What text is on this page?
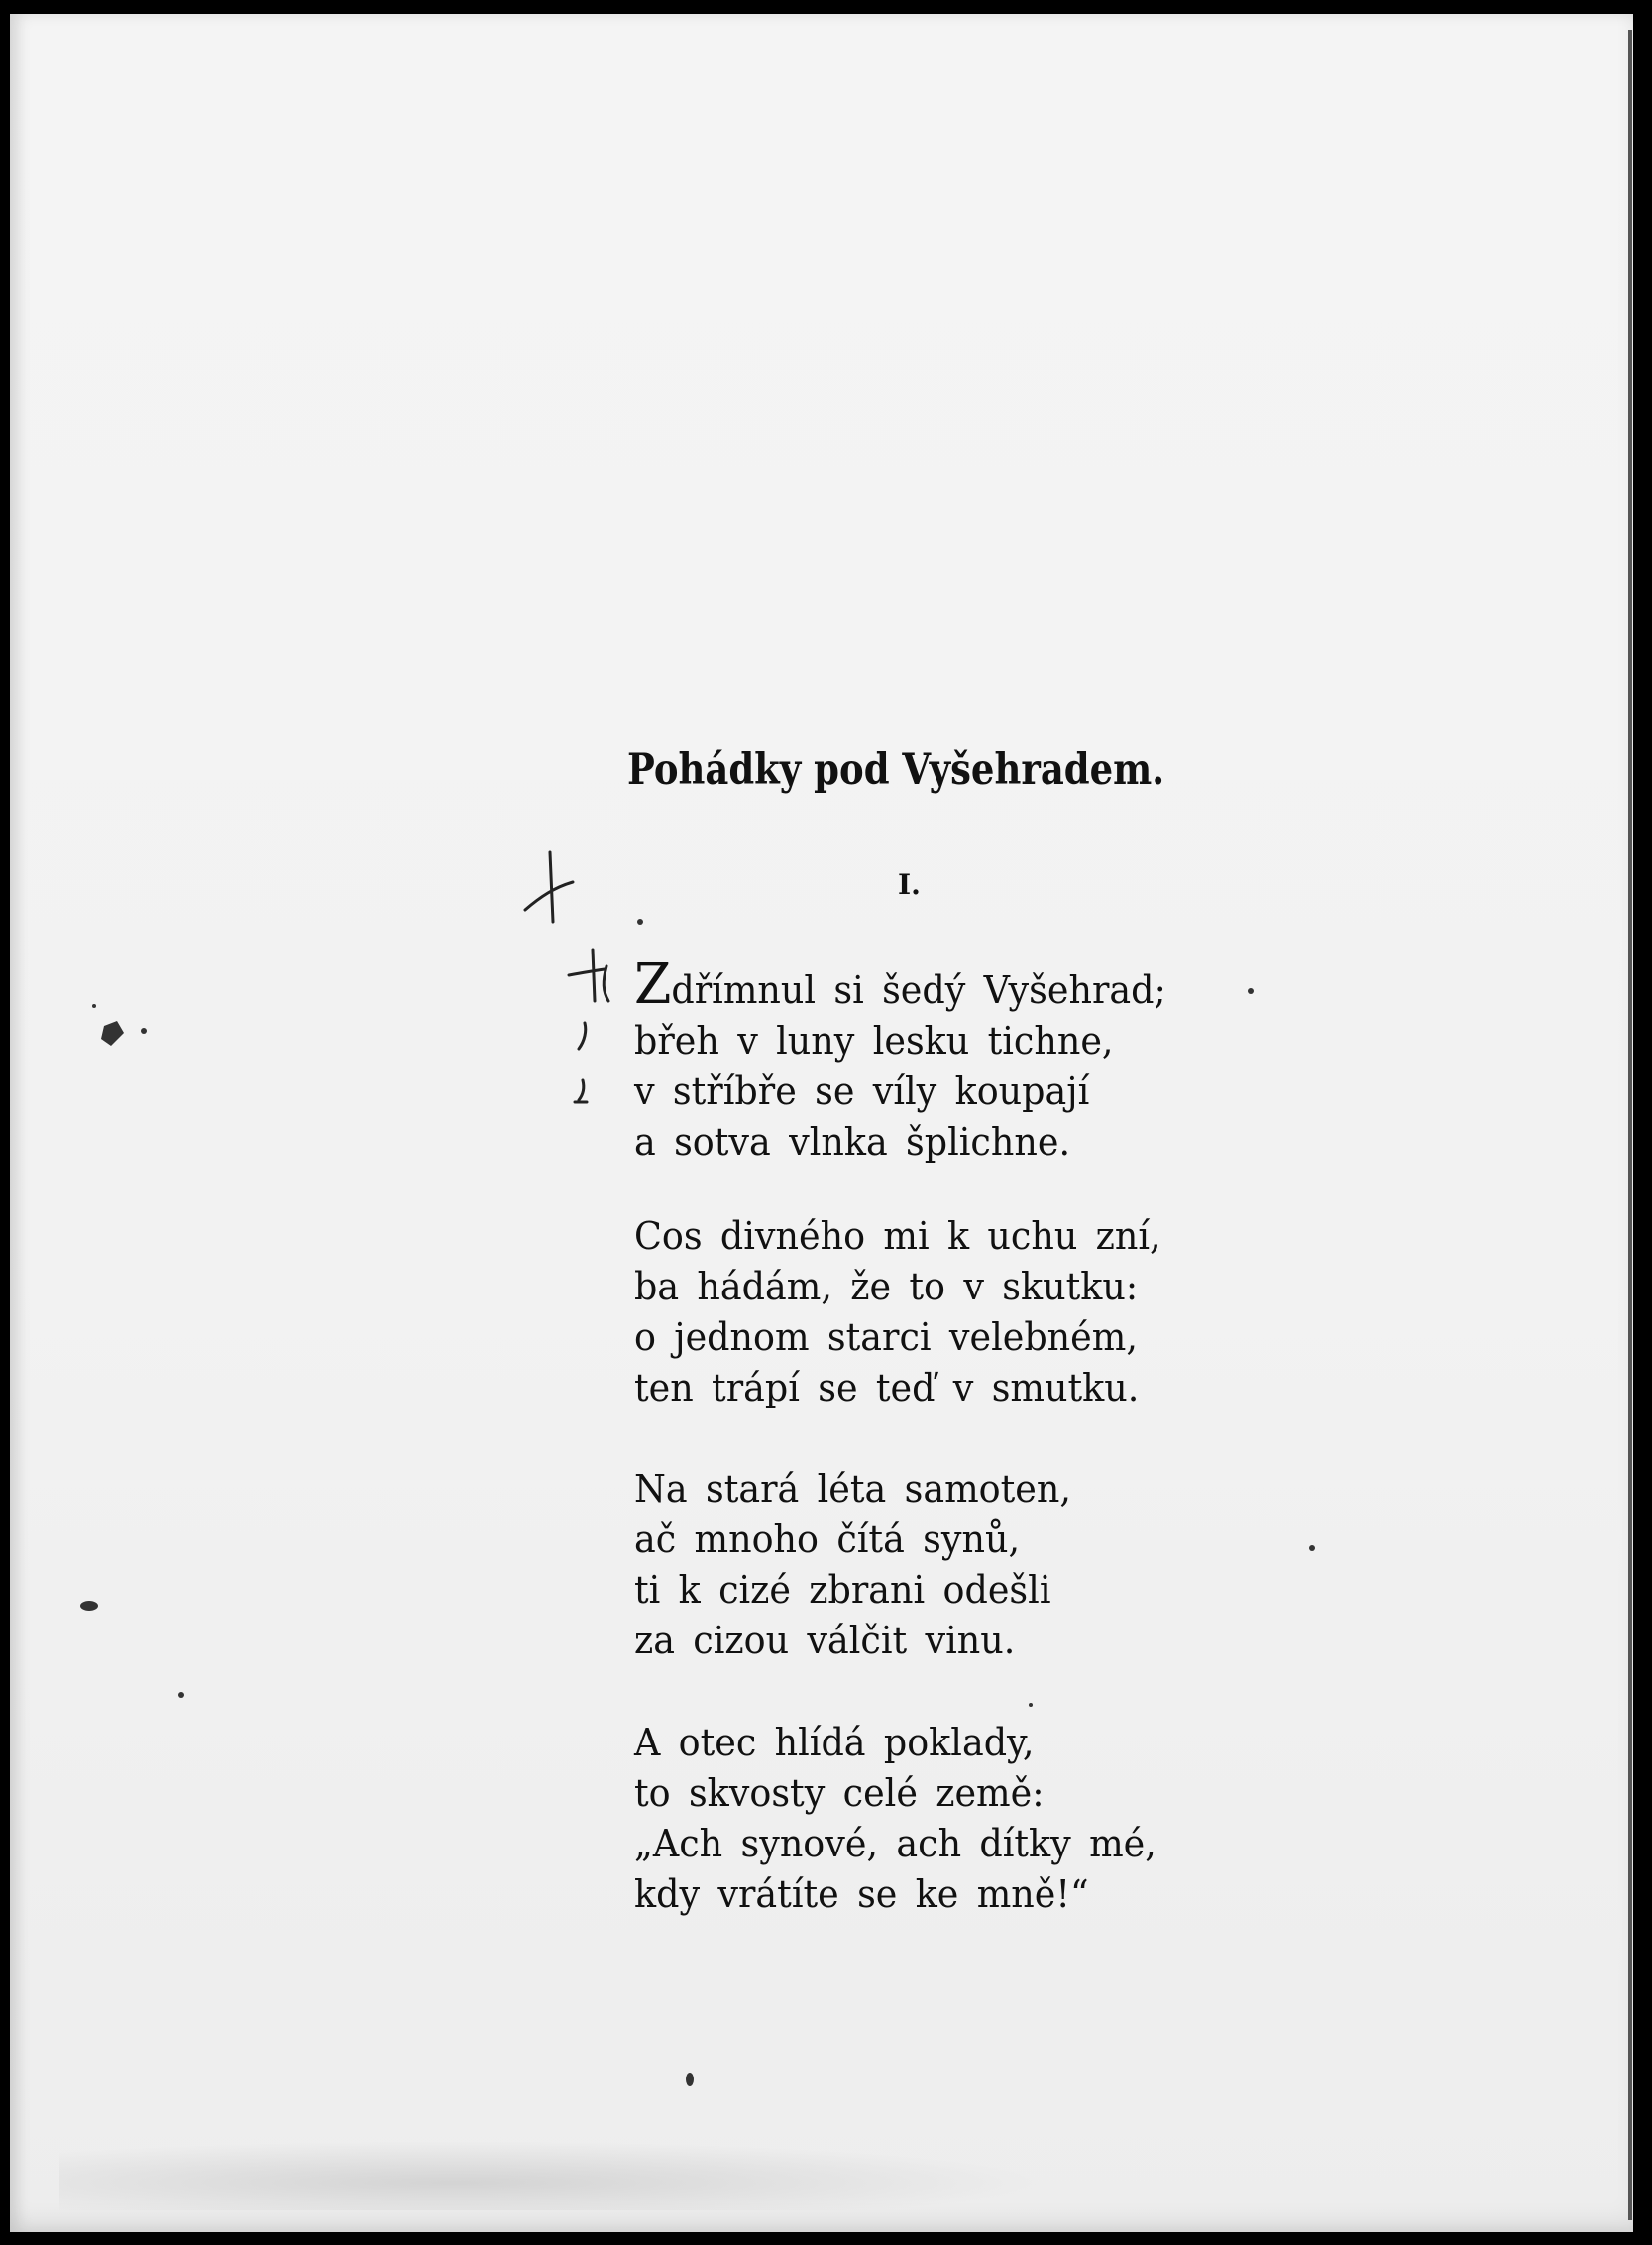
Pohádky pod Vyšehradem.
I.
Zdřímnul si šedý Vyšehrad;
břeh v luny lesku tichne,
v stříbře se víly koupají
a sotva vlnka šplichne.
Cos divného mi k uchu zní,
ba hádám, že to v skutku:
o jednom starci velebném,
ten trápí se teď v smutku.
Na stará léta samoten,
ač mnoho čítá synů,
ti k cizé zbrani odešli
za cizou válčit vinu.
A otec hlídá poklady,
to skvosty celé země:
„Ach synové, ach dítky mé,
kdy vrátíte se ke mně!“
